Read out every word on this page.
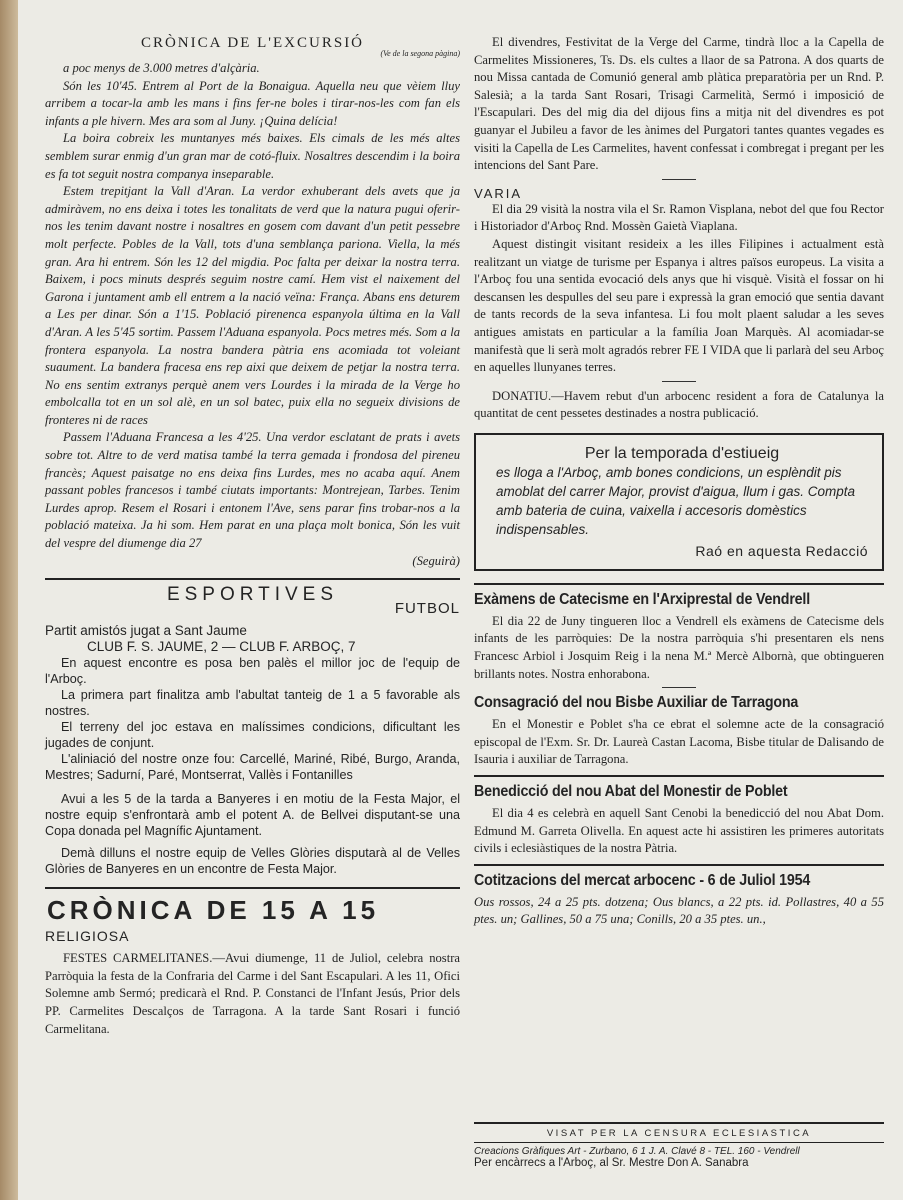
CRÒNICA DE L'EXCURSIÓ
(Ve de la segona pàgina)

a poc menys de 3.000 metres d'alçària.

Són les 10'45. Entrem al Port de la Bonaigua. Aquella neu que vèiem lluy arribem a tocar-la amb les mans i fins fer-ne boles i tirar-nos-les com fan els infants a ple hivern. Mes ara som al Juny. ¡Quina delícia!

La boira cobreix les muntanyes més baixes. Els cimals de les més altes semblem surar enmig d'un gran mar de cotó-fluix. Nosaltres descendim i la boira es fa tot seguit nostra companya inseparable.

Estem trepitjant la Vall d'Aran. La verdor exhuberant dels avets que ja admiràvem, no ens deixa i totes les tonalitats de verd que la natura pugui oferir-nos les tenim davant nostre i nosaltres en gosem com davant d'un petit pessebre molt perfecte. Pobles de la Vall, tots d'una semblança pariona. Viella, la més gran. Ara hi entrem. Són les 12 del migdia. Poc falta per deixar la nostra terra. Baixem, i pocs minuts després seguim nostre camí. Hem vist el naixement del Garona i juntament amb ell entrem a la nació veïna: França. Abans ens deturem a Les per dinar. Són a 1'15. Població pirenenca espanyola última en la Vall d'Aran. A les 5'45 sortim. Passem l'Aduana espanyola. Pocs metres més. Som a la frontera espanyola. La nostra bandera pàtria ens acomiada tot voleiant suaument. La bandera fracesa ens rep aixi que deixem de petjar la nostra terra. No ens sentim extranys perquè anem vers Lourdes i la mirada de la Verge ho embolcalla tot en un sol alè, en un sol batec, puix ella no segueix divisions de fronteres ni de races

Passem l'Aduana Francesa a les 4'25. Una verdor esclatant de prats i avets sobre tot. Altre to de verd matisa també la terra gemada i frondosa del pireneu francès; Aquest paisatge no ens deixa fins Lurdes, mes no acaba aquí. Anem passant pobles francesos i també ciutats importants: Montrejean, Tarbes. Tenim Lurdes aprop. Resem el Rosari i entonem l'Ave, sens parar fins trobar-nos a la població mateixa. Ja hi som. Hem parat en una plaça molt bonica, Són les vuit del vespre del diumenge dia 27

(Seguirà)
ESPORTIVES
FUTBOL
Partit amistós jugat a Sant Jaume
CLUB F. S. JAUME, 2 — CLUB F. ARBOÇ, 7

En aquest encontre es posa ben palès el millor joc de l'equip de l'Arboç.

La primera part finalitza amb l'abultat tanteig de 1 a 5 favorable als nostres.

El terreny del joc estava en malíssimes condicions, dificultant les jugades de conjunt.

L'aliniació del nostre onze fou: Carcellé, Mariné, Ribé, Burgo, Aranda, Mestres; Sadurní, Paré, Montserrat, Vallès i Fontanilles

Avui a les 5 de la tarda a Banyeres i en motiu de la Festa Major, el nostre equip s'enfrontarà amb el potent A. de Bellvei disputant-se una Copa donada pel Magnífic Ajuntament.

Demà dilluns el nostre equip de Velles Glòries disputarà al de Velles Glòries de Banyeres en un encontre de Festa Major.

CRÒNICA DE 15 A 15
RELIGIOSA

FESTES CARMELITANES.—Avui diumenge, 11 de Juliol, celebra nostra Parròquia la festa de la Confraria del Carme i del Sant Escapulari. A les 11, Ofici Solemne amb Sermó; predicarà el Rnd. P. Constanci de l'Infant Jesús, Prior dels PP. Carmelites Descalços de Tarragona. A la tarde Sant Rosari i funció Carmelitana.

El divendres, Festivitat de la Verge del Carme, tindrà lloc a la Capella de Carmelites Missioneres, Ts. Ds. els cultes a llaor de sa Patrona. A dos quarts de nou Missa cantada de Comunió general amb plàtica preparatòria per un Rnd. P. Salesià; a la tarda Sant Rosari, Trisagi Carmelità, Sermó i imposició de l'Escapulari. Des del mig dia del dijous fins a mitja nit del divendres es pot guanyar el Jubileu a favor de les ànimes del Purgatori tantes quantes vegades es visiti la Capella de Les Carmelites, havent confessat i combregat i pregant per les intencions del Sant Pare.

VARIA

El dia 29 visità la nostra vila el Sr. Ramon Visplana, nebot del que fou Rector i Historiador d'Arboç Rnd. Mossèn Gaietà Viaplana.

Aquest distingit visitant resideix a les illes Filipines i actualment està realitzant un viatge de turisme per Espanya i altres països europeus. La visita a l'Arboç fou una sentida evocació dels anys que hi visquè. Visità el fossar on hi descansen les despulles del seu pare i expressà la gran emoció que sentia davant de tants records de la seva infantesa. Li fou molt plaent saludar a les seves antigues amistats en particular a la família Joan Marquès. Al acomiadar-se manifestà que li serà molt agradós rebrer FE I VIDA que li parlarà del seu Arboç en aquelles llunyanes terres.

DONATIU.—Havem rebut d'un arbocenc resident a fora de Catalunya la quantitat de cent pessetes destinades a nostra publicació.

Per la temporada d'estiueig
es lloga a l'Arboç, amb bones condicions, un esplèndit pis amoblat del carrer Major, provist d'aigua, llum i gas. Compta amb bateria de cuina, vaixella i accesoris domèstics indispensables.
Raó en aquesta Redacció
Exàmens de Catecisme en l'Arxiprestal de Vendrell

El dia 22 de Juny tingueren lloc a Vendrell els exàmens de Catecisme dels infants de les parròquies: De la nostra parròquia s'hi presentaren els nens Francesc Arbiol i Josquim Reig i la nena M.ª Mercè Albornà, que obtingueren brillants notes. Nostra enhorabona.

Consagració del nou Bisbe Auxiliar de Tarragona

En el Monestir e Poblet s'ha ce ebrat el solemne acte de la consagració episcopal de l'Exm. Sr. Dr. Laureà Castan Lacoma, Bisbe titular de Dalisando de Isauria i auxiliar de Tarragona.

Benedicció del nou Abat del Monestir de Poblet

El dia 4 es celebrà en aquell Sant Cenobi la benedicció del nou Abat Dom. Edmund M. Garreta Olivella. En aquest acte hi assistiren les primeres autoritats civils i eclesiàstiques de la nostra Pàtria.

Cotitzacions del mercat arbocenc - 6 de Juliol 1954
Ous rossos, 24 a 25 pts. dotzena; Ous blancs, a 22 pts. id. Pollastres, 40 a 55 ptes. un; Gallines, 50 a 75 una; Conills, 20 a 35 ptes. un.,
VISAT PER LA CENSURA ECLESIASTICA
Creacions Gràfiques Art - Zurbano, 6 1 J. A. Clavé 8 - TEL. 160 - Vendrell
Per encàrrecs a l'Arboç, al Sr. Mestre Don A. Sanabra
